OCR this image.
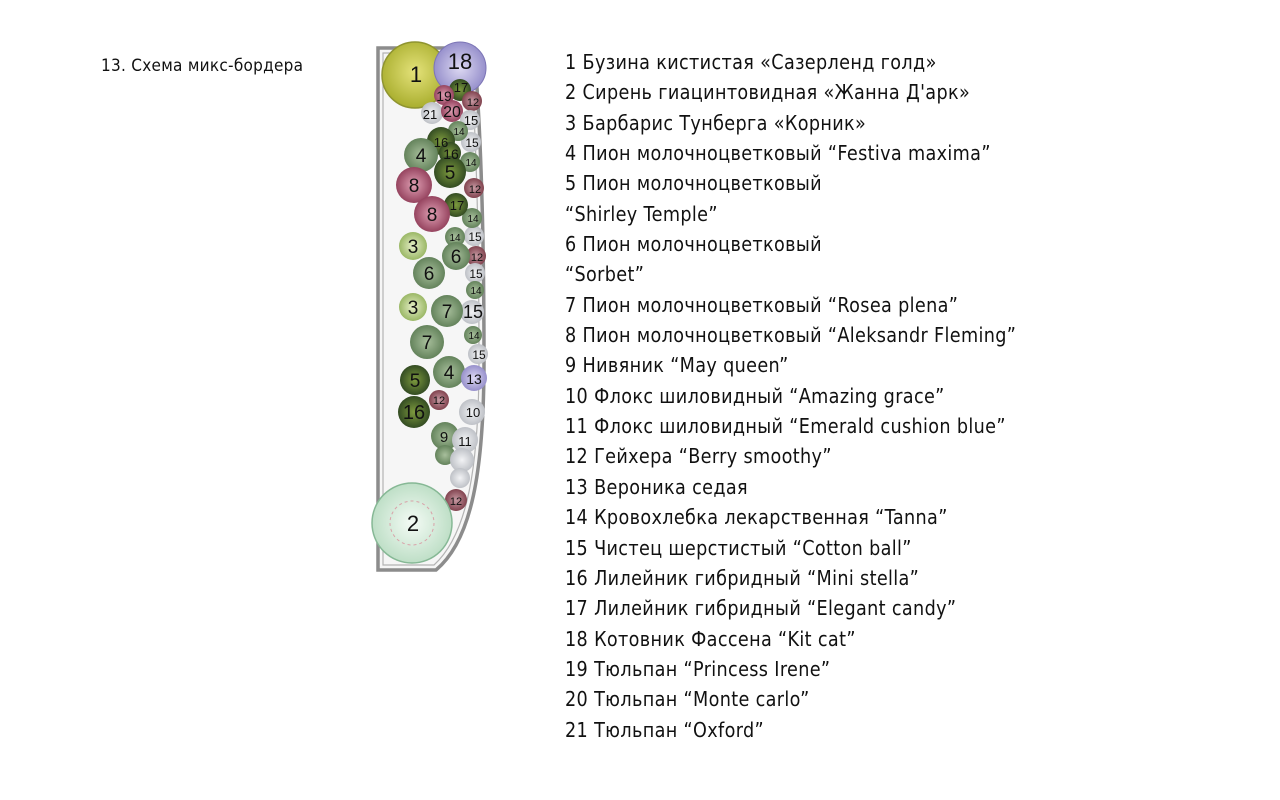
13. Схема микс-бордера	1
18
17
19 12
21 20 15
14
16 15
4 16
14
5
8	12
17
8	14
3	14 15
6 12
6	15
14
3 7 15
14
7
15
4 13
5
12
16	10
9 11
12
2
1 Бузина кистистая «Сазерленд голд»
2 Сирень гиацинтовидная «Жанна Д'арк»
3 Барбарис Тунберга «Корник»
4 Пион молочноцветковый “Festiva maxima”
5 Пион молочноцветковый
“Shirley Temple”
6 Пион молочноцветковый
“Sorbet”
7 Пион молочноцветковый “Rosea plena”
8 Пион молочноцветковый “Aleksandr Fleming”
9 Нивяник “May queen”
10 Флокс шиловидный “Amazing grace”
11 Флокс шиловидный “Emerald cushion blue”
12 Гейхера “Berry smoothy”
13 Вероника седая
14 Кровохлебка лекарственная “Tanna”
15 Чистец шерстистый “Cotton ball”
16 Лилейник гибридный “Mini stella”
17 Лилейник гибридный “Elegant candy”
18 Котовник Фассена “Kit cat”
19 Тюльпан “Princess Irene”
20 Тюльпан “Monte carlo”
21 Тюльпан “Oxford”
